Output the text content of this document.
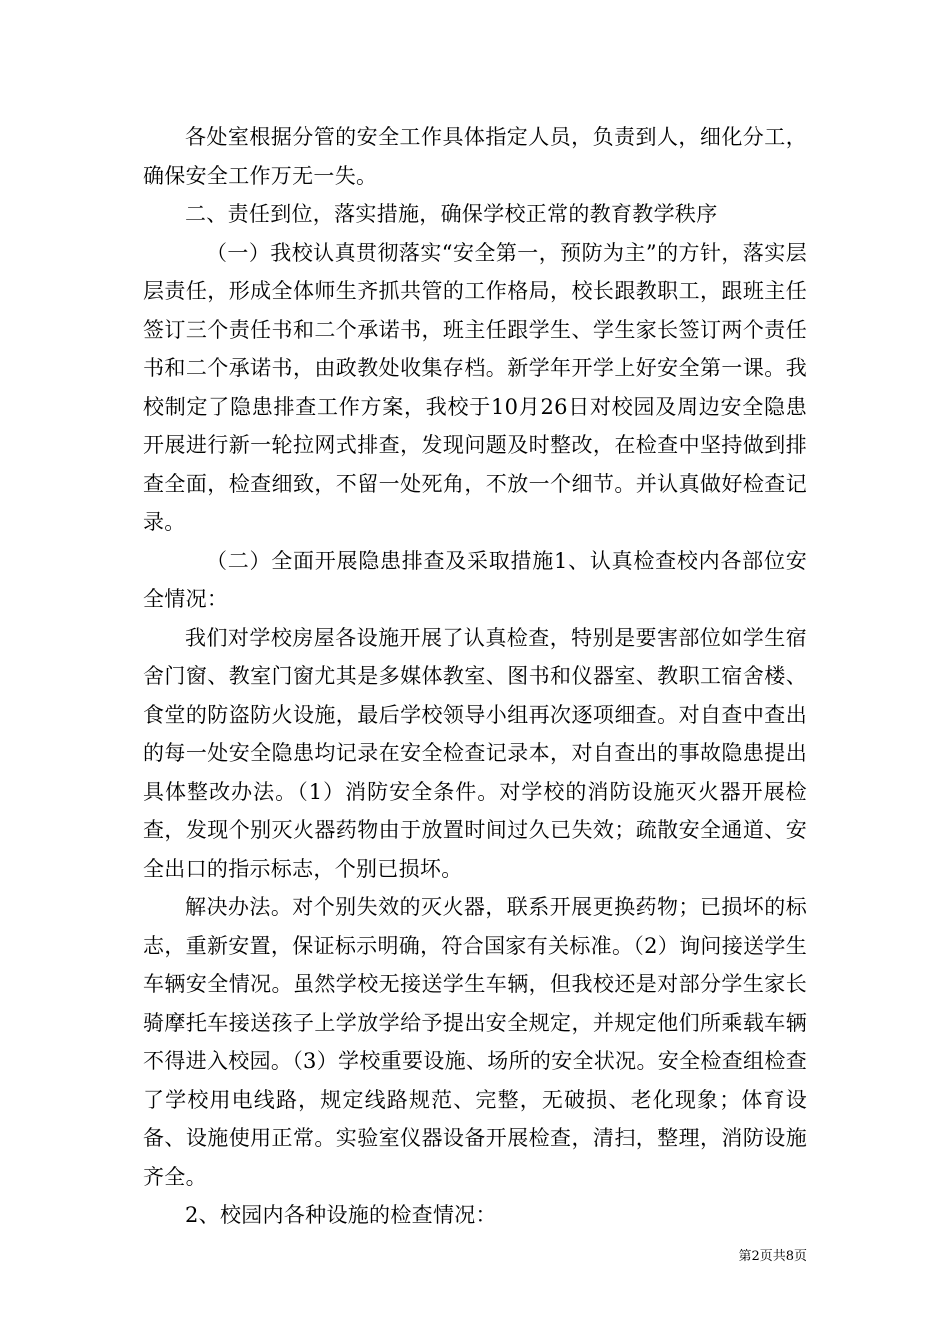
各处室根据分管的安全工作具体指定人员，负责到人，细化分工，确保安全工作万无一失。

二、责任到位，落实措施，确保学校正常的教育教学秩序

（一）我校认真贯彻落实“安全第一，预防为主”的方针，落实层层责任，形成全体师生齐抓共管的工作格局，校长跟教职工，跟班主任签订三个责任书和二个承诺书，班主任跟学生、学生家长签订两个责任书和二个承诺书，由政教处收集存档。新学年开学上好安全第一课。我校制定了隐患排查工作方案，我校于10月26日对校园及周边安全隐患开展进行新一轮拉网式排查，发现问题及时整改，在检查中坚持做到排查全面，检查细致，不留一处死角，不放一个细节。并认真做好检查记录。

（二）全面开展隐患排查及采取措施1、认真检查校内各部位安全情况：

我们对学校房屋各设施开展了认真检查，特别是要害部位如学生宿舍门窗、教室门窗尤其是多媒体教室、图书和仪器室、教职工宿舍楼、食堂的防盗防火设施，最后学校领导小组再次逐项细查。对自查中查出的每一处安全隐患均记录在安全检查记录本，对自查出的事故隐患提出具体整改办法。（1）消防安全条件。对学校的消防设施灭火器开展检查，发现个别灭火器药物由于放置时间过久已失效；疏散安全通道、安全出口的指示标志，个别已损坏。

解决办法。对个别失效的灭火器，联系开展更换药物；已损坏的标志，重新安置，保证标示明确，符合国家有关标准。（2）询问接送学生车辆安全情况。虽然学校无接送学生车辆，但我校还是对部分学生家长骑摩托车接送孩子上学放学给予提出安全规定，并规定他们所乘载车辆不得进入校园。（3）学校重要设施、场所的安全状况。安全检查组检查了学校用电线路，规定线路规范、完整，无破损、老化现象；体育设备、设施使用正常。实验室仪器设备开展检查，清扫，整理，消防设施齐全。

2、校园内各种设施的检查情况：

第2页共8页
